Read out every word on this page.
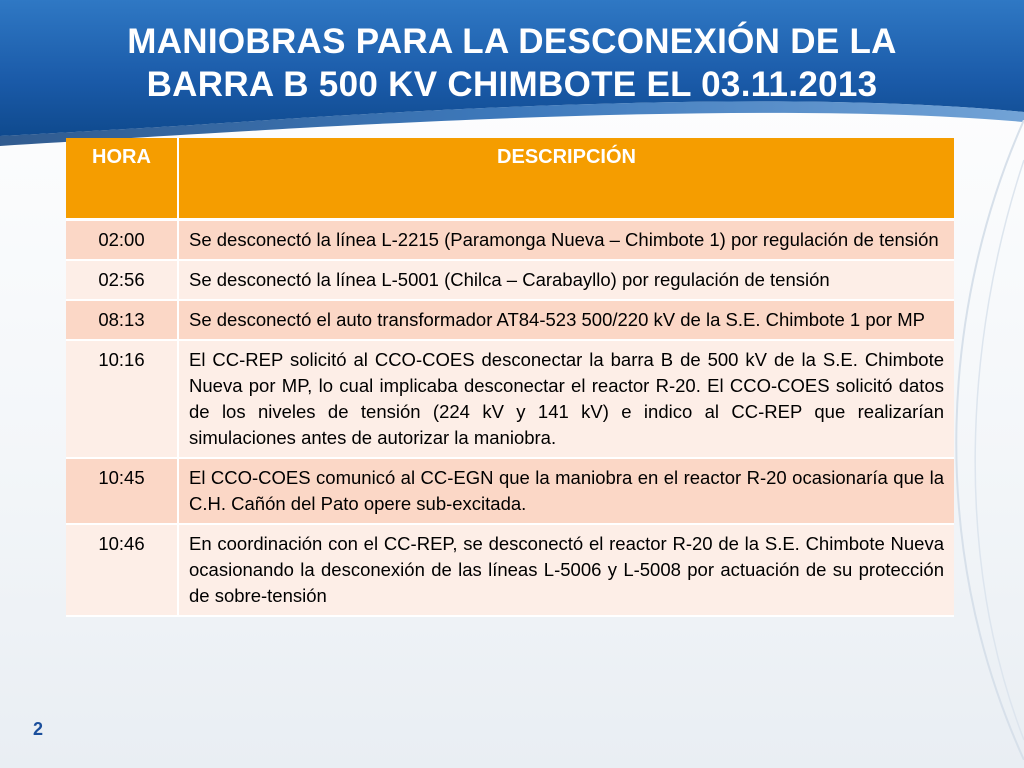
MANIOBRAS PARA LA DESCONEXIÓN DE LA
BARRA B 500 KV CHIMBOTE EL 03.11.2013
HORA	DESCRIPCIÓN
02:00	Se desconectó la línea L-2215 (Paramonga Nueva – Chimbote 1) por regulación de tensión
02:56	Se desconectó la línea L-5001 (Chilca – Carabayllo) por regulación de tensión
08:13	Se desconectó el auto transformador AT84-523 500/220 kV de la S.E. Chimbote 1 por MP
10:16	El CC-REP solicitó al CCO-COES desconectar la barra B de 500 kV de la S.E. Chimbote Nueva por MP, lo cual implicaba desconectar el reactor R-20. El CCO-COES solicitó datos de los niveles de tensión (224 kV y 141 kV) e indico al CC-REP que realizarían simulaciones antes de autorizar la maniobra.
10:45	El CCO-COES comunicó al CC-EGN que la maniobra en el reactor R-20 ocasionaría que la C.H. Cañón del Pato opere sub-excitada.
10:46	En coordinación con el CC-REP, se desconectó el reactor R-20 de la S.E. Chimbote Nueva ocasionando la desconexión de las líneas L-5006 y L-5008 por actuación de su protección de sobre-tensión
2
